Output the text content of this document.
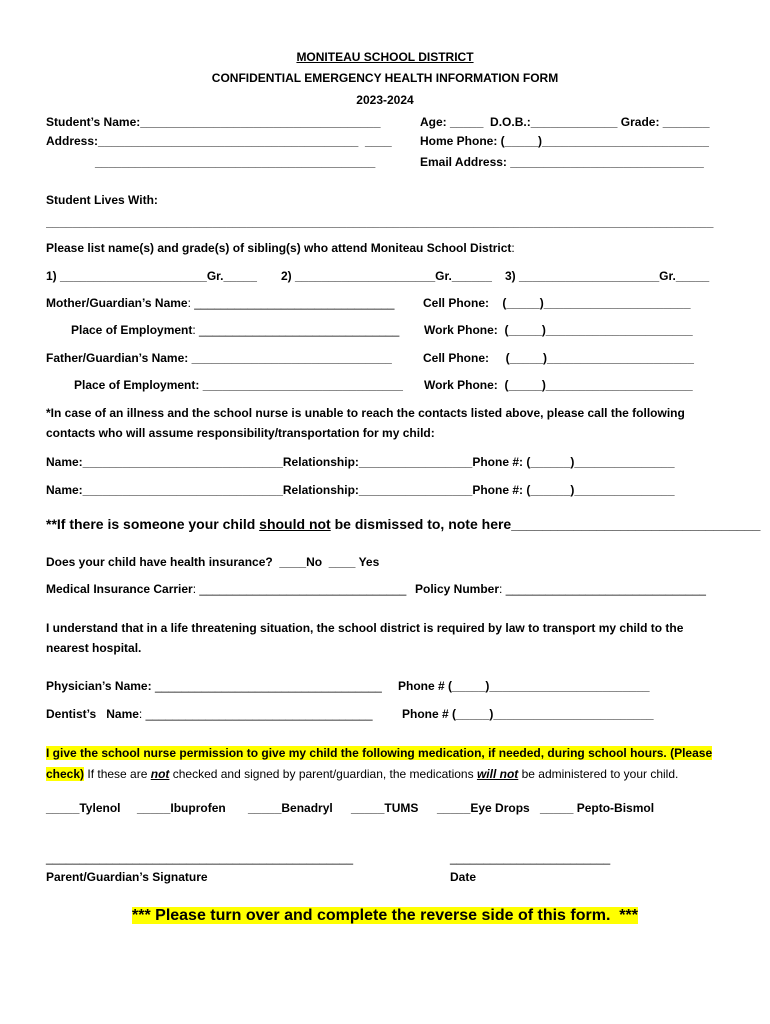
MONITEAU SCHOOL DISTRICT
CONFIDENTIAL EMERGENCY HEALTH INFORMATION FORM
2023-2024
Student’s Name:____________________________________	Age: _____  D.O.B.:_____________ Grade: _______
Address:_______________________________________  ____ Home Phone: (_____)_________________________
__________________________________________	Email Address: _____________________________
Student Lives With:
____________________________________________________________________________________________________
Please list name(s) and grade(s) of sibling(s) who attend Moniteau School District:
1) ______________________Gr._____ 2) _____________________Gr.______ 3) _____________________Gr._____
Mother/Guardian’s Name: ______________________________ Cell Phone:    (_____)______________________
Place of Employment: ______________________________ Work Phone:  (_____)______________________
Father/Guardian’s Name: ______________________________	Cell Phone:     (_____)______________________
Place of Employment: ______________________________ Work Phone:  (_____)______________________
*In case of an illness and the school nurse is unable to reach the contacts listed above, please call the following
contacts who will assume responsibility/transportation for my child:
Name:______________________________Relationship:_________________Phone #: (______)_______________
Name:______________________________Relationship:_________________Phone #: (______)_______________
**If there is someone your child should not be dismissed to, note here________________________________
Does your child have health insurance?  ____No  ____ Yes
Medical Insurance Carrier: _______________________________ Policy Number: ______________________________
I understand that in a life threatening situation, the school district is required by law to transport my child to the
nearest hospital.
Physician’s Name: __________________________________ Phone # (_____)________________________
Dentist’s   Name: __________________________________ Phone # (_____)________________________
I give the school nurse permission to give my child the following medication, if needed, during school hours. (Please
check) If these are not checked and signed by parent/guardian, the medications will not be administered to your child.
_____Tylenol _____Ibuprofen _____Benadryl _____TUMS _____Eye Drops _____ Pepto-Bismol
______________________________________________	________________________
Parent/Guardian’s Signature	Date
*** Please turn over and complete the reverse side of this form.  ***
